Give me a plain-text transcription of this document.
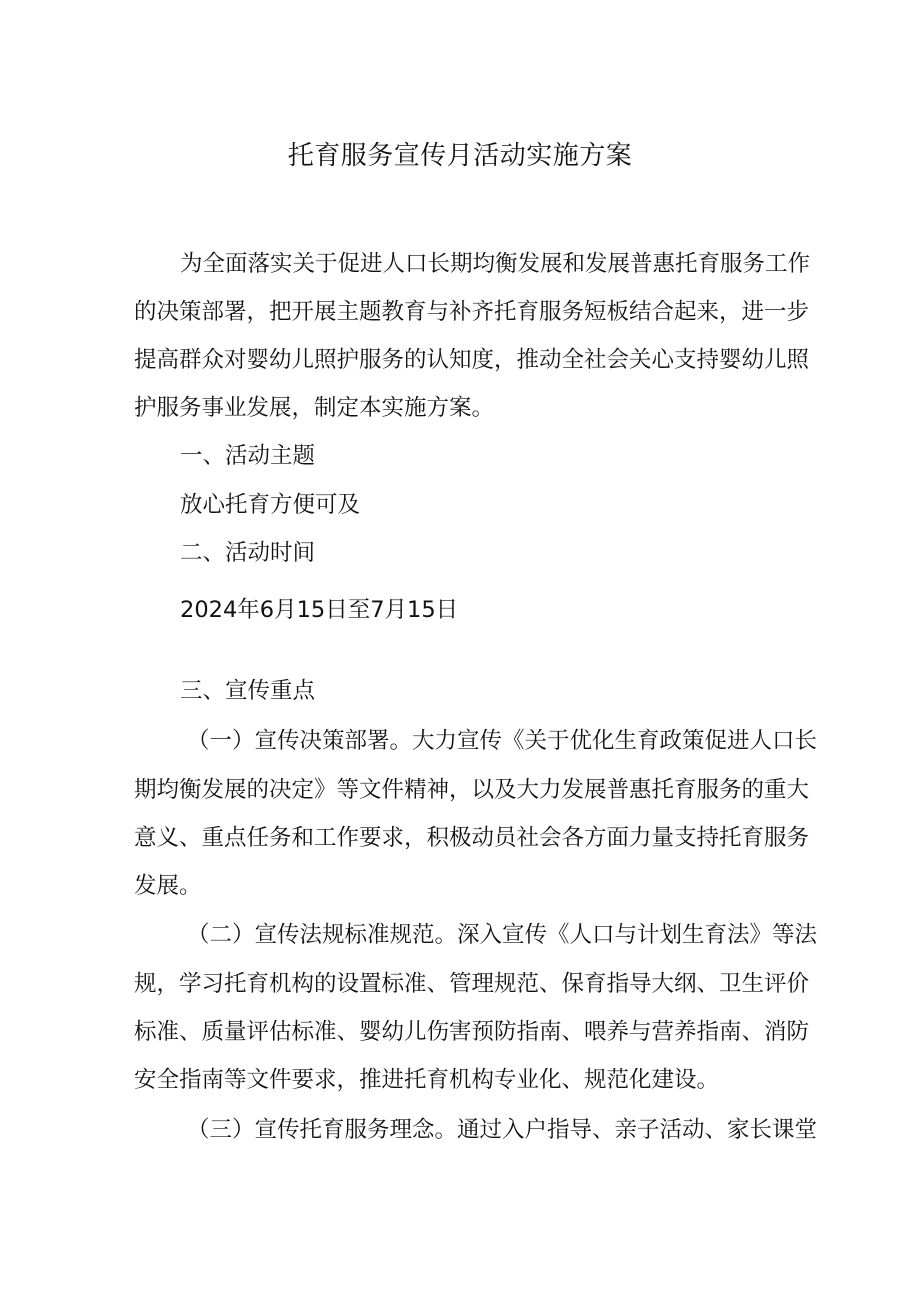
托育服务宣传月活动实施方案

为全面落实关于促进人口长期均衡发展和发展普惠托育服务工作

的决策部署，把开展主题教育与补齐托育服务短板结合起来，进一步

提高群众对婴幼儿照护服务的认知度，推动全社会关心支持婴幼儿照

护服务事业发展，制定本实施方案。

一、活动主题

放心托育方便可及

二、活动时间

2024年6月15日至7月15日

三、宣传重点

（一）宣传决策部署。大力宣传《关于优化生育政策促进人口长

期均衡发展的决定》等文件精神，以及大力发展普惠托育服务的重大

意义、重点任务和工作要求，积极动员社会各方面力量支持托育服务

发展。

（二）宣传法规标准规范。深入宣传《人口与计划生育法》等法

规，学习托育机构的设置标准、管理规范、保育指导大纲、卫生评价

标准、质量评估标准、婴幼儿伤害预防指南、喂养与营养指南、消防

安全指南等文件要求，推进托育机构专业化、规范化建设。

（三）宣传托育服务理念。通过入户指导、亲子活动、家长课堂
